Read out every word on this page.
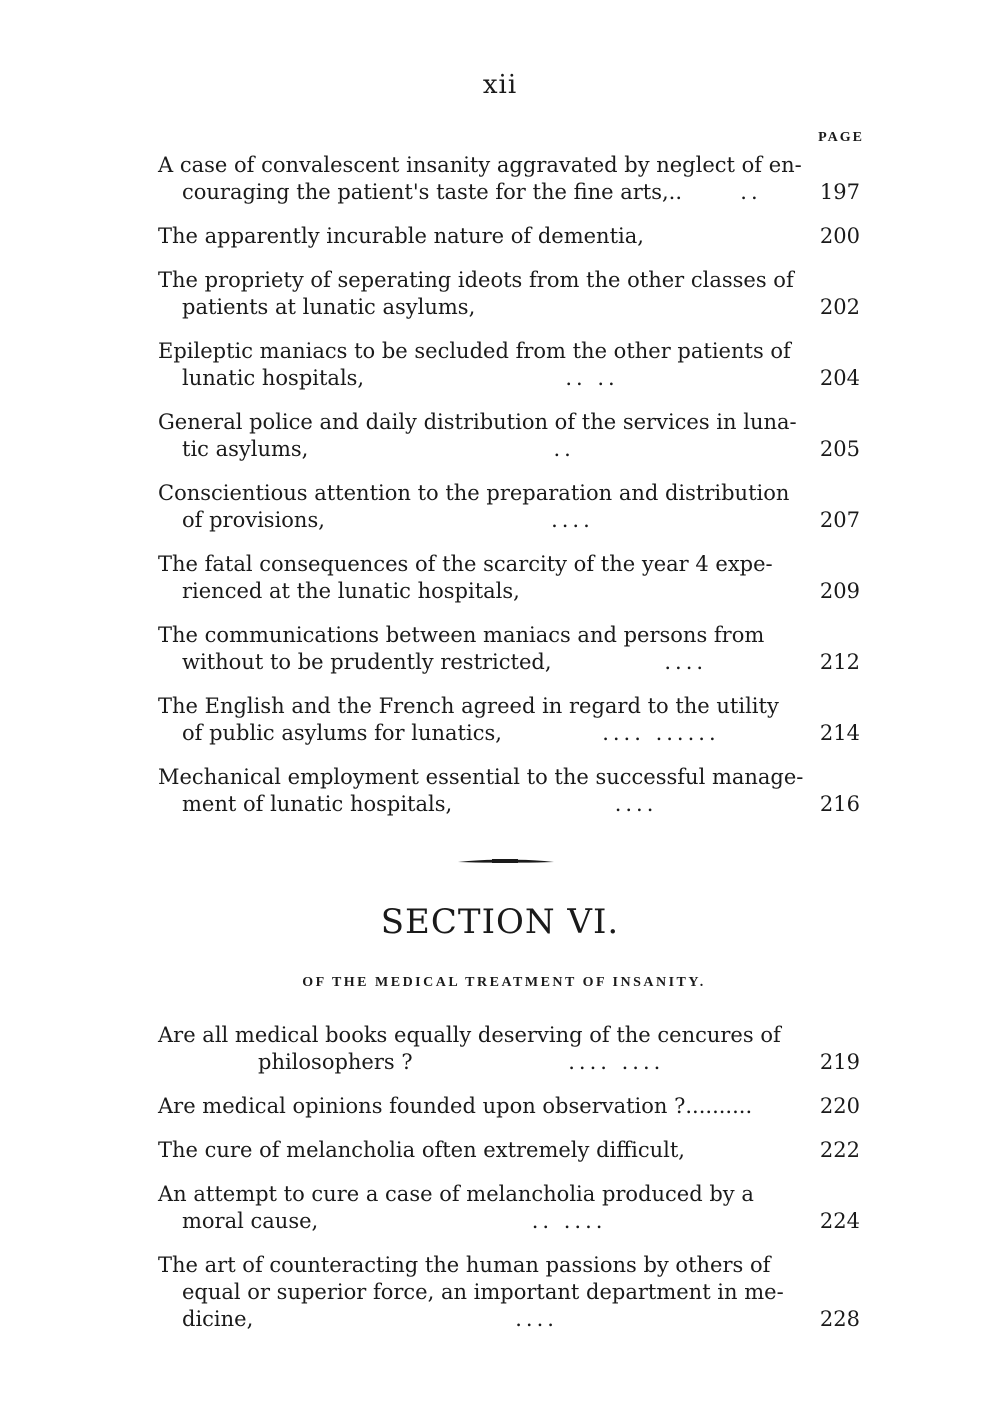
xii
PAGE
A case of convalescent insanity aggravated by neglect of en-
couraging the patient's taste for the fine arts,..	..	197
The apparently incurable nature of dementia,	200
The propriety of seperating ideots from the other classes of
patients at lunatic asylums,	202
Epileptic maniacs to be secluded from the other patients of
lunatic hospitals,	.. ..	204
General police and daily distribution of the services in luna-
tic asylums,	..	205
Conscientious attention to the preparation and distribution
of provisions,	....	207
The fatal consequences of the scarcity of the year 4 expe-
rienced at the lunatic hospitals,	209
The communications between maniacs and persons from
without to be prudently restricted,	....	212
The English and the French agreed in regard to the utility
of public asylums for lunatics,	.... ......	214
Mechanical employment essential to the successful manage-
ment of lunatic hospitals,	....	216
SECTION VI.
OF THE MEDICAL TREATMENT OF INSANITY.
Are all medical books equally deserving of the cencures of
philosophers ?	.... ....	219
Are medical opinions founded upon observation ?..........	220
The cure of melancholia often extremely difficult,	222
An attempt to cure a case of melancholia produced by a
moral cause,	.. ....	224
The art of counteracting the human passions by others of
equal or superior force, an important department in me-
dicine,	....	228
